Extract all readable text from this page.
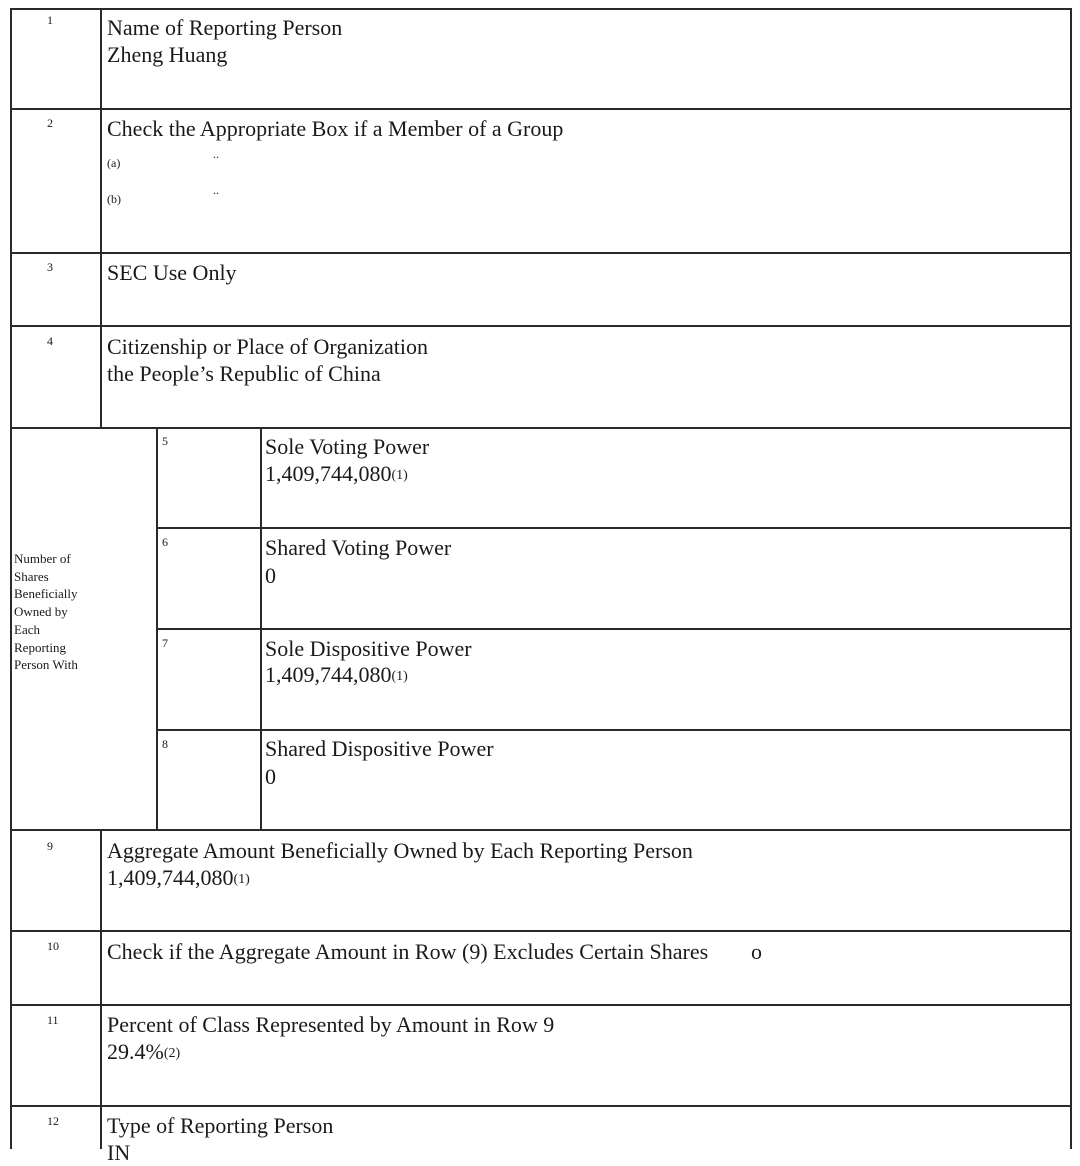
1 Name of Reporting Person
Zheng Huang
2 Check the Appropriate Box if a Member of a Group
(a)
..
(b)
..
3 SEC Use Only
4 Citizenship or Place of Organization
the People’s Republic of China
Number of
Shares
Beneficially
Owned by
Each
Reporting
Person With
5	Sole Voting Power
1,409,744,080$^{(1)}$
6	Shared Voting Power
0
7	Sole Dispositive Power
1,409,744,080$^{(1)}$
8	Shared Dispositive Power
0
9 Aggregate Amount Beneficially Owned by Each Reporting Person
1,409,744,080$^{(1)}$
10 Check if the Aggregate Amount in Row (9) Excludes Certain Shares o
11 Percent of Class Represented by Amount in Row 9
29.4%$^{(2)}$
12 Type of Reporting Person
IN
